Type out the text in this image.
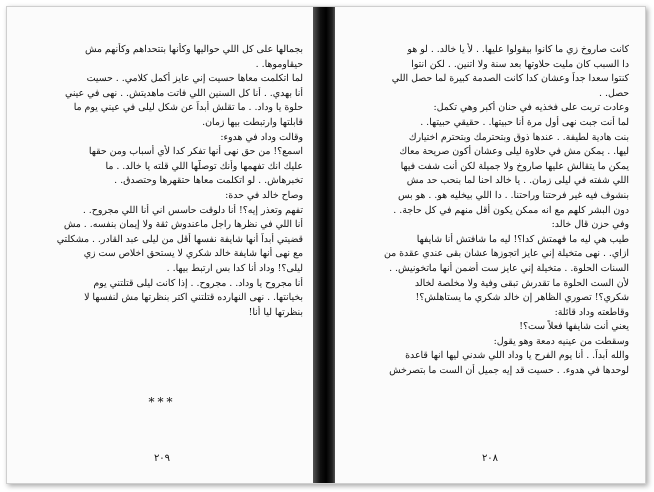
بجمالها على كل اللي حواليها وكأنها بتتحداهم وكأنهم مش
حيقاوموها. .
لما اتكلمت معاها حسيت إني عايز أكمل كلامي. . حسيت
أنا بهدي. . أنا كل السنين اللي فاتت ماهديتش. . نهى في عيني
حلوة يا وداد. . ما تقلش أبداً عن شكل ليلى في عيني يوم ما
قابلتها وارتبطت بيها زمان.
وقالت وداد في هدوء:
اسمع؟! من حق نهى أنها تفكر كدا لأي أسباب ومن حقها
عليك انك تفهمها وأنك توصلّها اللي قلته يا خالد. . ما
تخبرهاش. . لو اتكلمت معاها حتقهرها وحتصدق. .
وصاح خالد في حدة:
تفهم وتعذر إيه؟! أنا دلوقت حاسس اني أنا اللي مجروح. .
أنا اللي في نظرها راجل ماعندوش ثقة ولا إيمان بنفسه. . مش
قضيتي أبداً أنها شايفة نفسها أقل من ليلى عبد القادر. . مشكلتي
مع نهى أنها شايفة خالد شكري لا يستحق اخلاص ست زي
ليلى؟! وداد أنا كدا بس ارتبط بيها. .
أنا مجروح يا وداد. . مجروح. . إذا كانت ليلى قتلتني يوم
بخيانتها. . نهى النهارده قتلتني اكتر بنظرتها مش لنفسها لا
بنظرتها ليا أنا!
***
٢٠٩
كانت صاروخ زي ما كانوا بيقولوا عليها. . لأ يا خالد. . لو هو
دا السبب كان مليت حلاوتها بعد سنة ولا اتنين. . لكن انتوا
كنتوا سعدا جداً وعشان كدا كانت الصدمة كبيرة لما حصل اللي
حصل. .
وعادت تربت على فخذيه في حنان أكبر وهي تكمل:
لما أنت جبت نهى أول مرة أنا حبيتها. . حقيقي حبيتها. .
بنت هادية لطيفة. . عندها ذوق وبتحترمك وبتحترم اختيارك
ليها. . يمكن مش في حلاوة ليلى وعشان أكون صريحة معاك
يمكن ما يتقالش عليها صاروخ ولا جميلة لكن أنت شفت فيها
اللي شفته في ليلى زمان. . يا خالد احنا لما بنحب حد مش
بنشوف فيه غير فرحتنا وراحتنا. . دا اللي بيخليه هو. . هو بس
دون البشر كلهم مع انه ممكن يكون أقل منهم في كل حاجة. .
وفي حزن قال خالد:
طيب هي ليه ما فهمتش كدا؟! ليه ما شافتش أنا شايفها
ازاي. . نهى متخيلة إني عايز اتجوزها عشان بقى عندي عقدة من
السنات الحلوة. . متخيلة إني عايز ست أضمن أنها ماتخونيش. .
لأن الست الحلوة ما تقدرش تبقى وفية ولا مخلصة لخالد
شكري؟! تصوري الظاهر إن خالد شكري ما يستاهلش؟!
وقاطعته وداد قائلة:
يعني أنت شايفها فعلاً ست؟!
وسقطت من عينيه دمعة وهو يقول:
والله أبداً. . أنا يوم الفرح يا وداد اللي شدني ليها انها قاعدة
لوحدها في هدوء. . حسيت قد إيه جميل أن الست ما بتصرخش
٢٠٨
